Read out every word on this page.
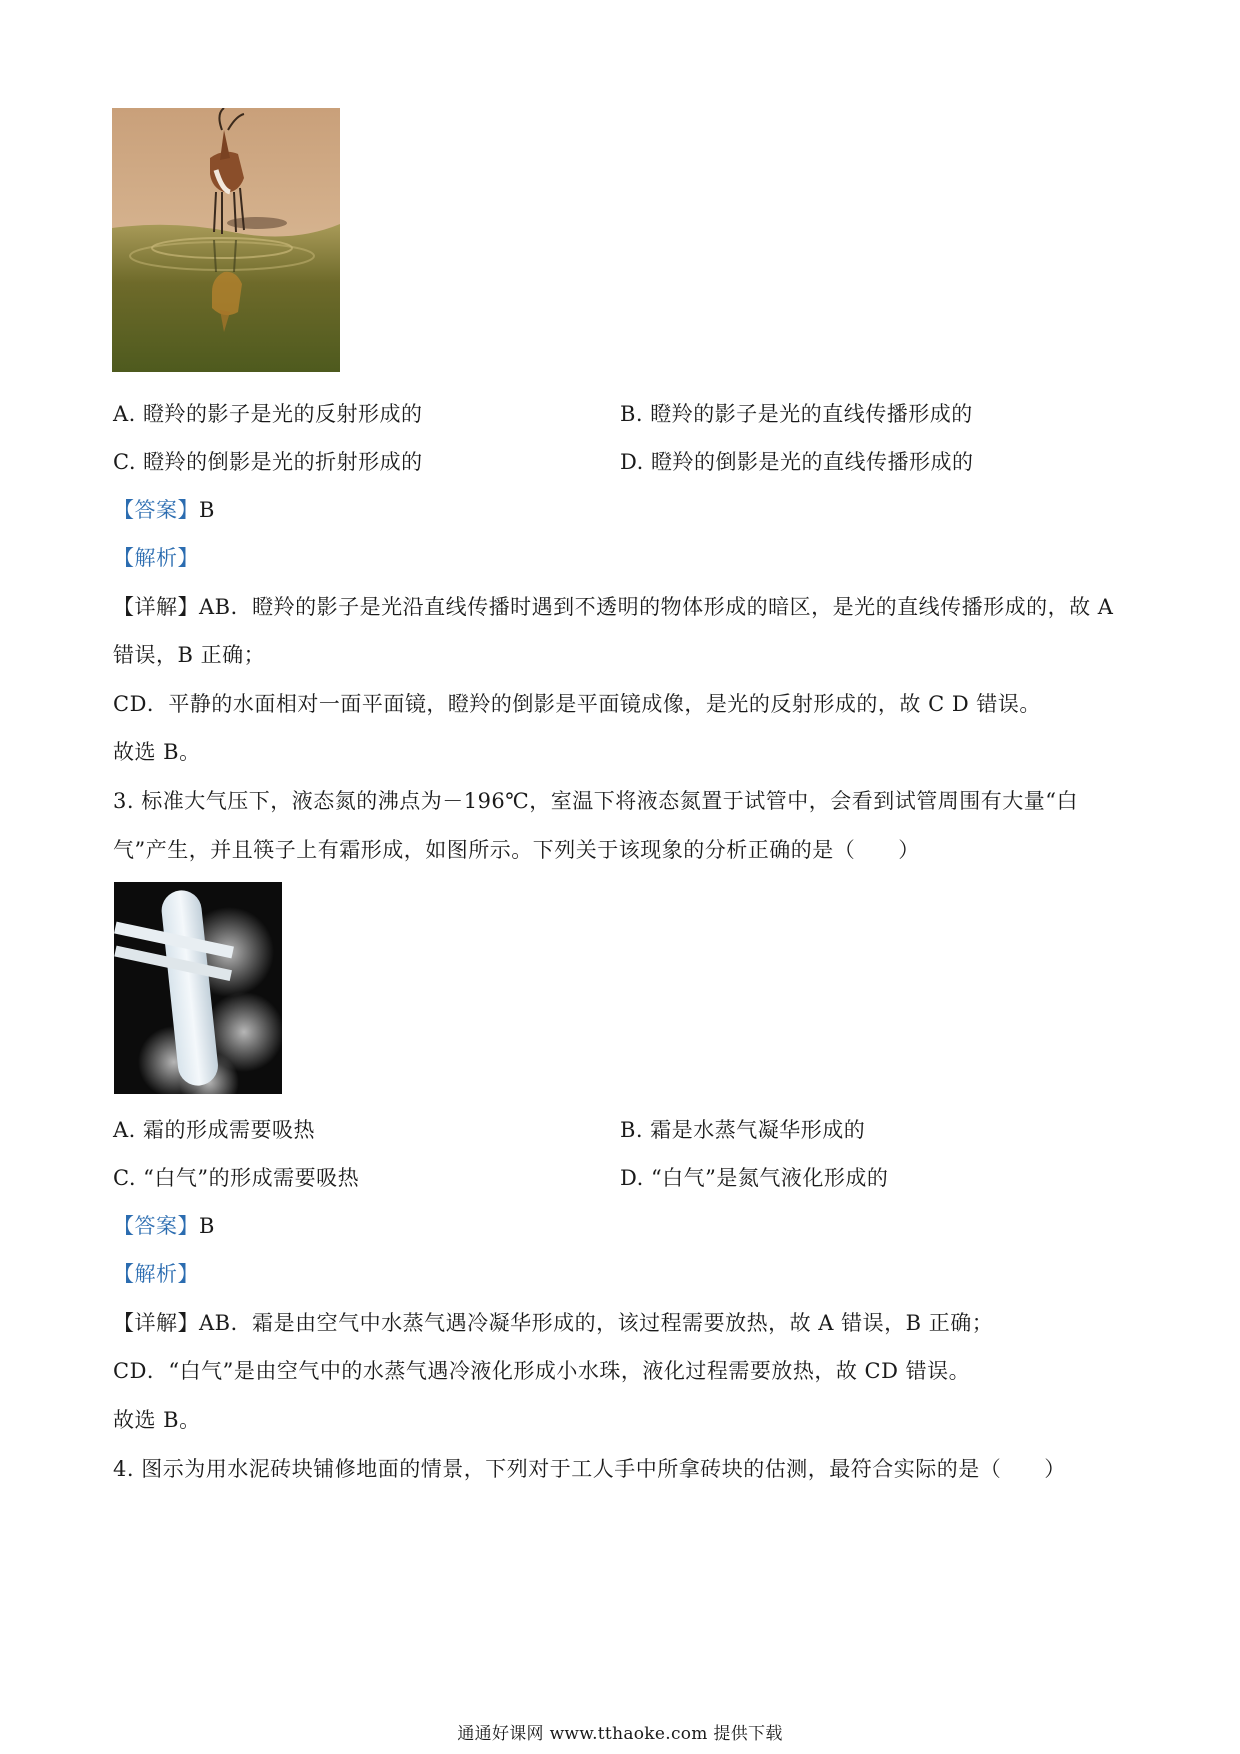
A. 瞪羚的影子是光的反射形成的	B. 瞪羚的影子是光的直线传播形成的
C. 瞪羚的倒影是光的折射形成的	D. 瞪羚的倒影是光的直线传播形成的
【答案】B
【解析】
【详解】AB．瞪羚的影子是光沿直线传播时遇到不透明的物体形成的暗区，是光的直线传播形成的，故 A
错误，B 正确；
CD．平静的水面相对一面平面镜，瞪羚的倒影是平面镜成像，是光的反射形成的，故 C D 错误。
故选 B。
3. 标准大气压下，液态氮的沸点为－196℃，室温下将液态氮置于试管中，会看到试管周围有大量“白
气”产生，并且筷子上有霜形成，如图所示。下列关于该现象的分析正确的是（　　）
A. 霜的形成需要吸热	B. 霜是水蒸气凝华形成的
C. “白气”的形成需要吸热	D. “白气”是氮气液化形成的
【答案】B
【解析】
【详解】AB．霜是由空气中水蒸气遇冷凝华形成的，该过程需要放热，故 A 错误，B 正确；
CD．“白气”是由空气中的水蒸气遇冷液化形成小水珠，液化过程需要放热，故 CD 错误。
故选 B。
4. 图示为用水泥砖块铺修地面的情景，下列对于工人手中所拿砖块的估测，最符合实际的是（　　）
通通好课网 www.tthaoke.com 提供下载
